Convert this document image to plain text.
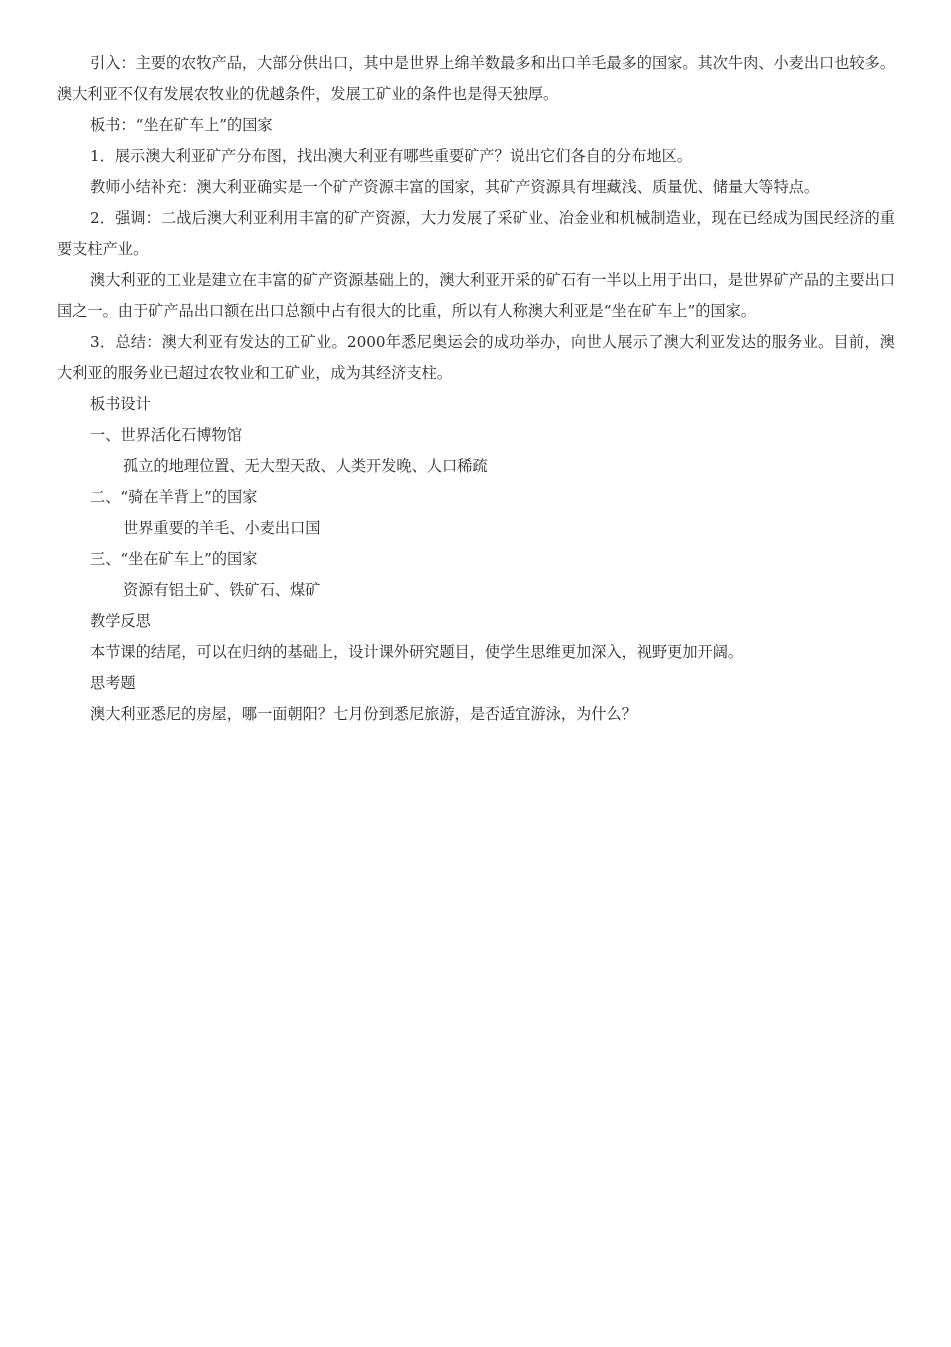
引入：主要的农牧产品，大部分供出口，其中是世界上绵羊数最多和出口羊毛最多的国家。其次牛肉、小麦出口也较多。澳大利亚不仅有发展农牧业的优越条件，发展工矿业的条件也是得天独厚。

板书：“坐在矿车上”的国家

1．展示澳大利亚矿产分布图，找出澳大利亚有哪些重要矿产？说出它们各自的分布地区。

教师小结补充：澳大利亚确实是一个矿产资源丰富的国家，其矿产资源具有埋藏浅、质量优、储量大等特点。

2．强调：二战后澳大利亚利用丰富的矿产资源，大力发展了采矿业、冶金业和机械制造业，现在已经成为国民经济的重要支柱产业。

澳大利亚的工业是建立在丰富的矿产资源基础上的，澳大利亚开采的矿石有一半以上用于出口，是世界矿产品的主要出口国之一。由于矿产品出口额在出口总额中占有很大的比重，所以有人称澳大利亚是“坐在矿车上”的国家。

3．总结：澳大利亚有发达的工矿业。2000年悉尼奥运会的成功举办，向世人展示了澳大利亚发达的服务业。目前，澳大利亚的服务业已超过农牧业和工矿业，成为其经济支柱。

板书设计

一、世界活化石博物馆

孤立的地理位置、无大型天敌、人类开发晚、人口稀疏

二、“骑在羊背上”的国家

世界重要的羊毛、小麦出口国

三、“坐在矿车上”的国家

资源有铝土矿、铁矿石、煤矿

教学反思

本节课的结尾，可以在归纳的基础上，设计课外研究题目，使学生思维更加深入，视野更加开阔。

思考题

澳大利亚悉尼的房屋，哪一面朝阳？七月份到悉尼旅游，是否适宜游泳，为什么？
